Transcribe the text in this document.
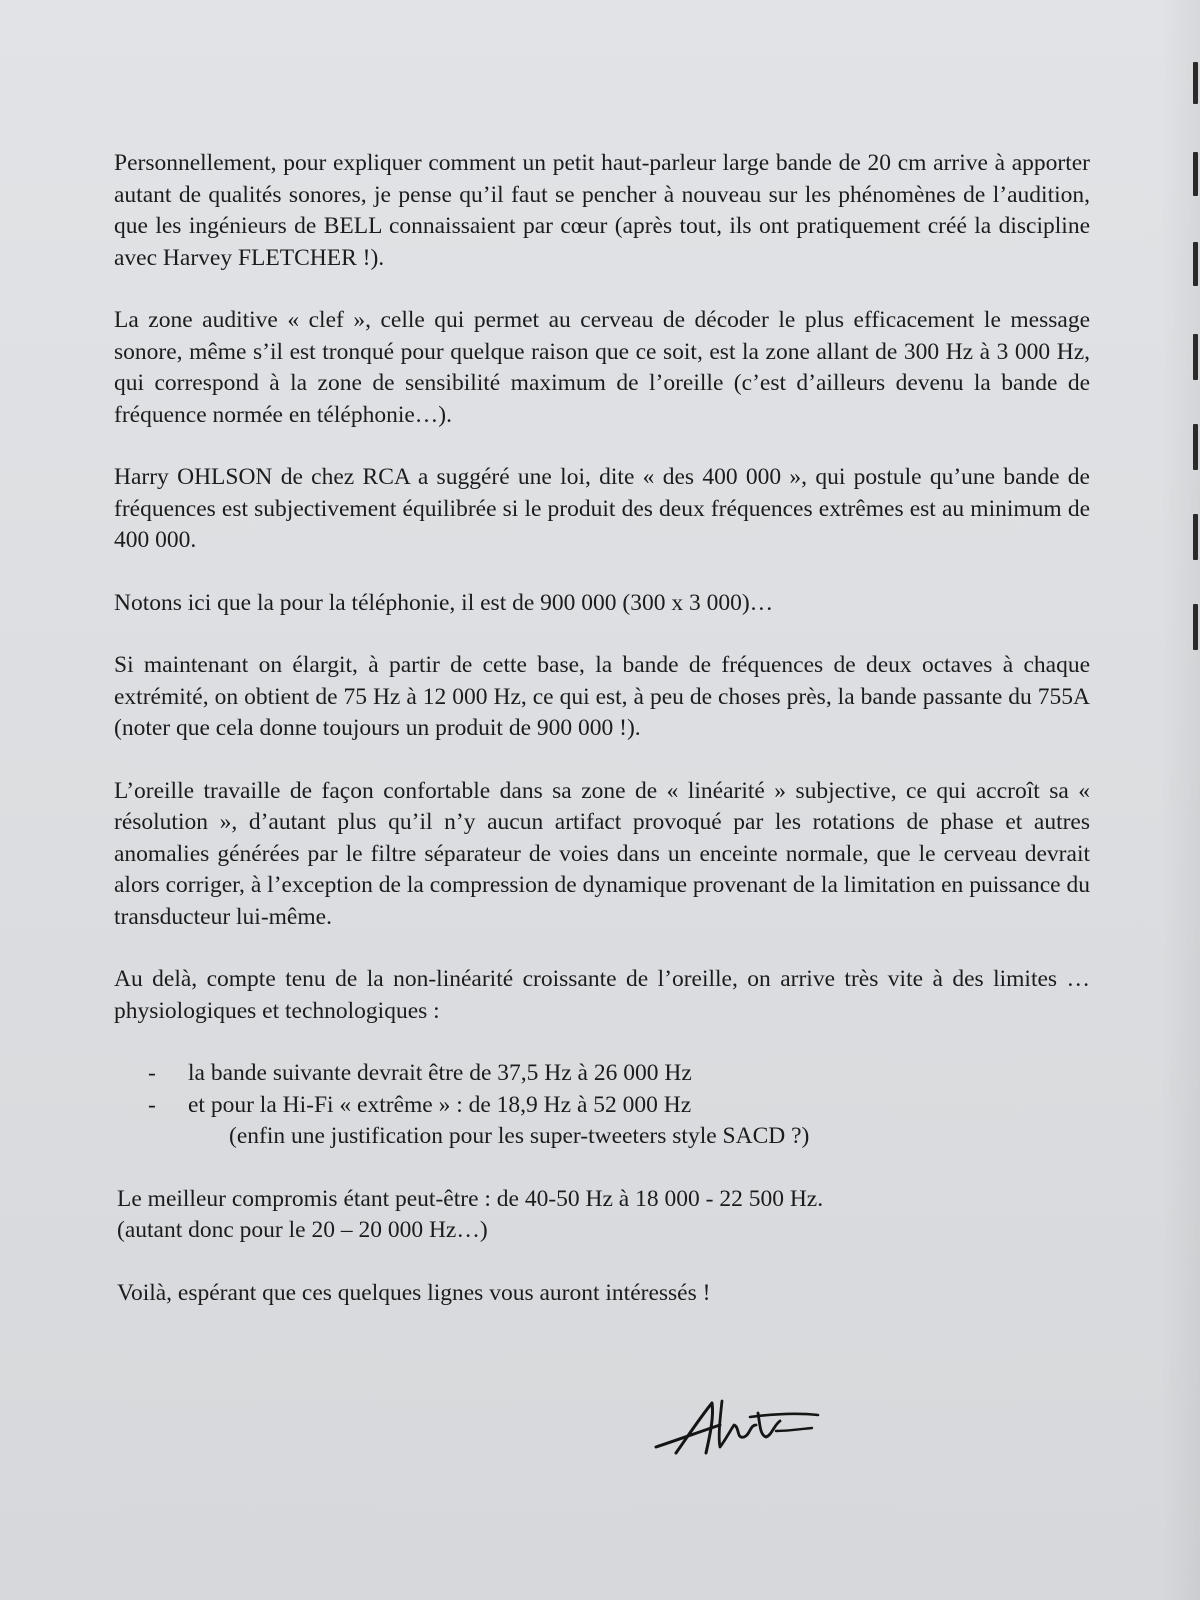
Personnellement, pour expliquer comment un petit haut-parleur large bande de 20 cm arrive à apporter autant de qualités sonores, je pense qu’il faut se pencher à nouveau sur les phénomènes de l’audition, que les ingénieurs de BELL connaissaient par cœur (après tout, ils ont pratiquement créé la discipline avec Harvey FLETCHER !).

La zone auditive « clef », celle qui permet au cerveau de décoder le plus efficacement le message sonore, même s’il est tronqué pour quelque raison que ce soit, est la zone allant de 300 Hz à 3 000 Hz, qui correspond à la zone de sensibilité maximum de l’oreille (c’est d’ailleurs devenu la bande de fréquence normée en téléphonie…).

Harry OHLSON de chez RCA a suggéré une loi, dite « des 400 000 », qui postule qu’une bande de fréquences est subjectivement équilibrée si le produit des deux fréquences extrêmes est au minimum de 400 000.

Notons ici que la pour la téléphonie, il est de 900 000 (300 x 3 000)…

Si maintenant on élargit, à partir de cette base, la bande de fréquences de deux octaves à chaque extrémité, on obtient de 75 Hz à 12 000 Hz, ce qui est, à peu de choses près, la bande passante du 755A (noter que cela donne toujours un produit de 900 000 !).

L’oreille travaille de façon confortable dans sa zone de « linéarité » subjective, ce qui accroît sa « résolution », d’autant plus qu’il n’y aucun artifact provoqué par les rotations de phase et autres anomalies générées par le filtre séparateur de voies dans un enceinte normale, que le cerveau devrait alors corriger, à l’exception de la compression de dynamique provenant de la limitation en puissance du transducteur lui-même.

Au delà, compte tenu de la non-linéarité croissante de l’oreille, on arrive très vite à des limites … physiologiques et technologiques :

- la bande suivante devrait être de 37,5 Hz à 26 000 Hz
- et pour la Hi-Fi « extrême » : de 18,9 Hz à 52 000 Hz

(enfin une justification pour les super-tweeters style SACD ?)

Le meilleur compromis étant peut-être : de 40-50 Hz à 18 000 - 22 500 Hz.
(autant donc pour le 20 – 20 000 Hz…)

Voilà, espérant que ces quelques lignes vous auront intéressés !
